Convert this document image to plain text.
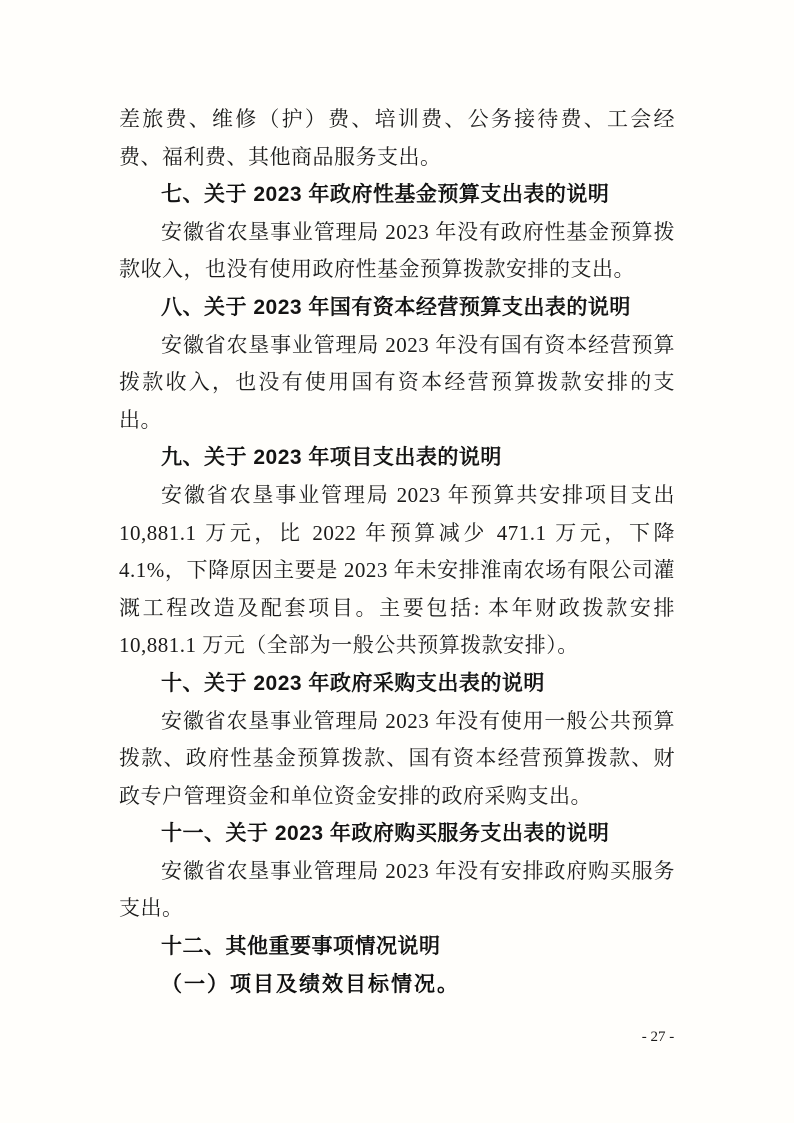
差旅费、维修（护）费、培训费、公务接待费、工会经费、福利费、其他商品服务支出。

七、关于 2023 年政府性基金预算支出表的说明

安徽省农垦事业管理局 2023 年没有政府性基金预算拨款收入，也没有使用政府性基金预算拨款安排的支出。

八、关于 2023 年国有资本经营预算支出表的说明

安徽省农垦事业管理局 2023 年没有国有资本经营预算拨款收入，也没有使用国有资本经营预算拨款安排的支出。

九、关于 2023 年项目支出表的说明

安徽省农垦事业管理局 2023 年预算共安排项目支出 10,881.1 万元，比 2022 年预算减少 471.1 万元，下降 4.1%，下降原因主要是 2023 年未安排淮南农场有限公司灌溉工程改造及配套项目。主要包括: 本年财政拨款安排 10,881.1 万元（全部为一般公共预算拨款安排）。

十、关于 2023 年政府采购支出表的说明

安徽省农垦事业管理局 2023 年没有使用一般公共预算拨款、政府性基金预算拨款、国有资本经营预算拨款、财政专户管理资金和单位资金安排的政府采购支出。

十一、关于 2023 年政府购买服务支出表的说明

安徽省农垦事业管理局 2023 年没有安排政府购买服务支出。

十二、其他重要事项情况说明

（一）项目及绩效目标情况。

- 27 -
